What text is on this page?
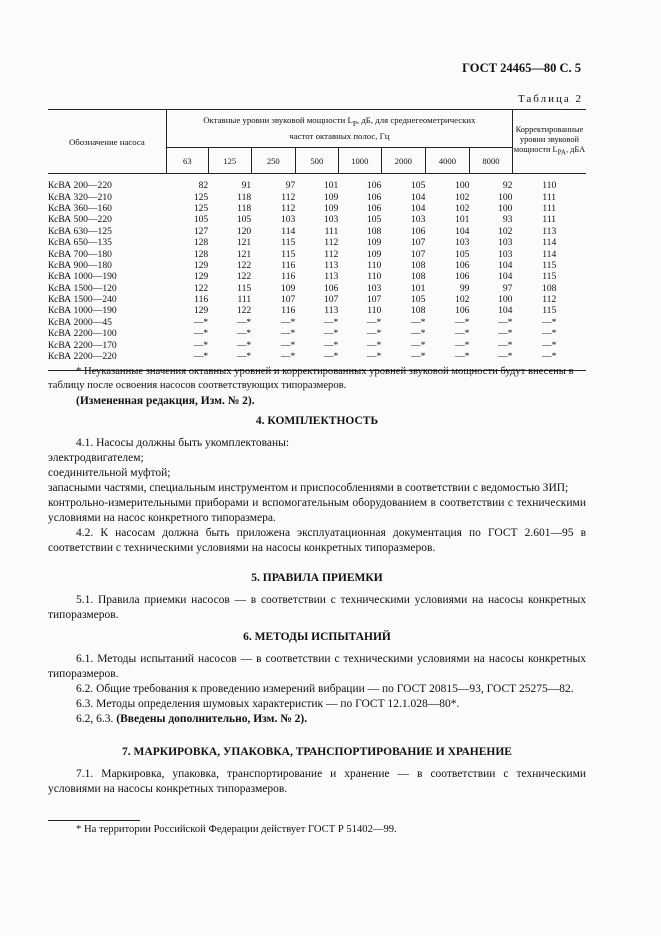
ГОСТ 24465—80 С. 5
Таблица 2
Обозначение насоса	Октавные уровни звуковой мощности $L_P$, дБ, для среднегеометрических
частот октавных полос, Гц								Корректированные
уровни звуковой
мощности $L_{PA}$, дБА
	63	125	250	500	1000	2000	4000	8000	
КсВА 200—220	82	91	97	101	106	105	100	92	110
КсВА 320—210	125	118	112	109	106	104	102	100	111
КсВА 360—160	125	118	112	109	106	104	102	100	111
КсВА 500—220	105	105	103	103	105	103	101	93	111
КсВА 630—125	127	120	114	111	108	106	104	102	113
КсВА 650—135	128	121	115	112	109	107	103	103	114
КсВА 700—180	128	121	115	112	109	107	105	103	114
КсВА 900—180	129	122	116	113	110	108	106	104	115
КсВА 1000—190	129	122	116	113	110	108	106	104	115
КсВА 1500—120	122	115	109	106	103	101	99	97	108
КсВА 1500—240	116	111	107	107	107	105	102	100	112
КсВА 1000—190	129	122	116	113	110	108	106	104	115
КсВА 2000—45	—*	—*	—*	—*	—*	—*	—*	—*	—*
КсВА 2200—100	—*	—*	—*	—*	—*	—*	—*	—*	—*
КсВА 2200—170	—*	—*	—*	—*	—*	—*	—*	—*	—*
КсВА 2200—220	—*	—*	—*	—*	—*	—*	—*	—*	—*
* Неуказанные значения октавных уровней и корректированных уровней звуковой мощности будут внесены в таблицу после освоения насосов соответствующих типоразмеров.
(Измененная редакция, Изм. № 2).
4. КОМПЛЕКТНОСТЬ
4.1. Насосы должны быть укомплектованы:
электродвигателем;
соединительной муфтой;
запасными частями, специальным инструментом и приспособлениями в соответствии с ведомостью ЗИП;
контрольно-измерительными приборами и вспомогательным оборудованием в соответствии с техническими условиями на насос конкретного типоразмера.
4.2. К насосам должна быть приложена эксплуатационная документация по ГОСТ 2.601—95 в соответствии с техническими условиями на насосы конкретных типоразмеров.
5. ПРАВИЛА ПРИЕМКИ
5.1. Правила приемки насосов — в соответствии с техническими условиями на насосы конкретных типоразмеров.
6. МЕТОДЫ ИСПЫТАНИЙ
6.1. Методы испытаний насосов — в соответствии с техническими условиями на насосы конкретных типоразмеров.
6.2. Общие требования к проведению измерений вибрации — по ГОСТ 20815—93, ГОСТ 25275—82.
6.3. Методы определения шумовых характеристик — по ГОСТ 12.1.028—80*.
6.2, 6.3. (Введены дополнительно, Изм. № 2).
7. МАРКИРОВКА, УПАКОВКА, ТРАНСПОРТИРОВАНИЕ И ХРАНЕНИЕ
7.1. Маркировка, упаковка, транспортирование и хранение — в соответствии с техническими условиями на насосы конкретных типоразмеров.
* На территории Российской Федерации действует ГОСТ Р 51402—99.
